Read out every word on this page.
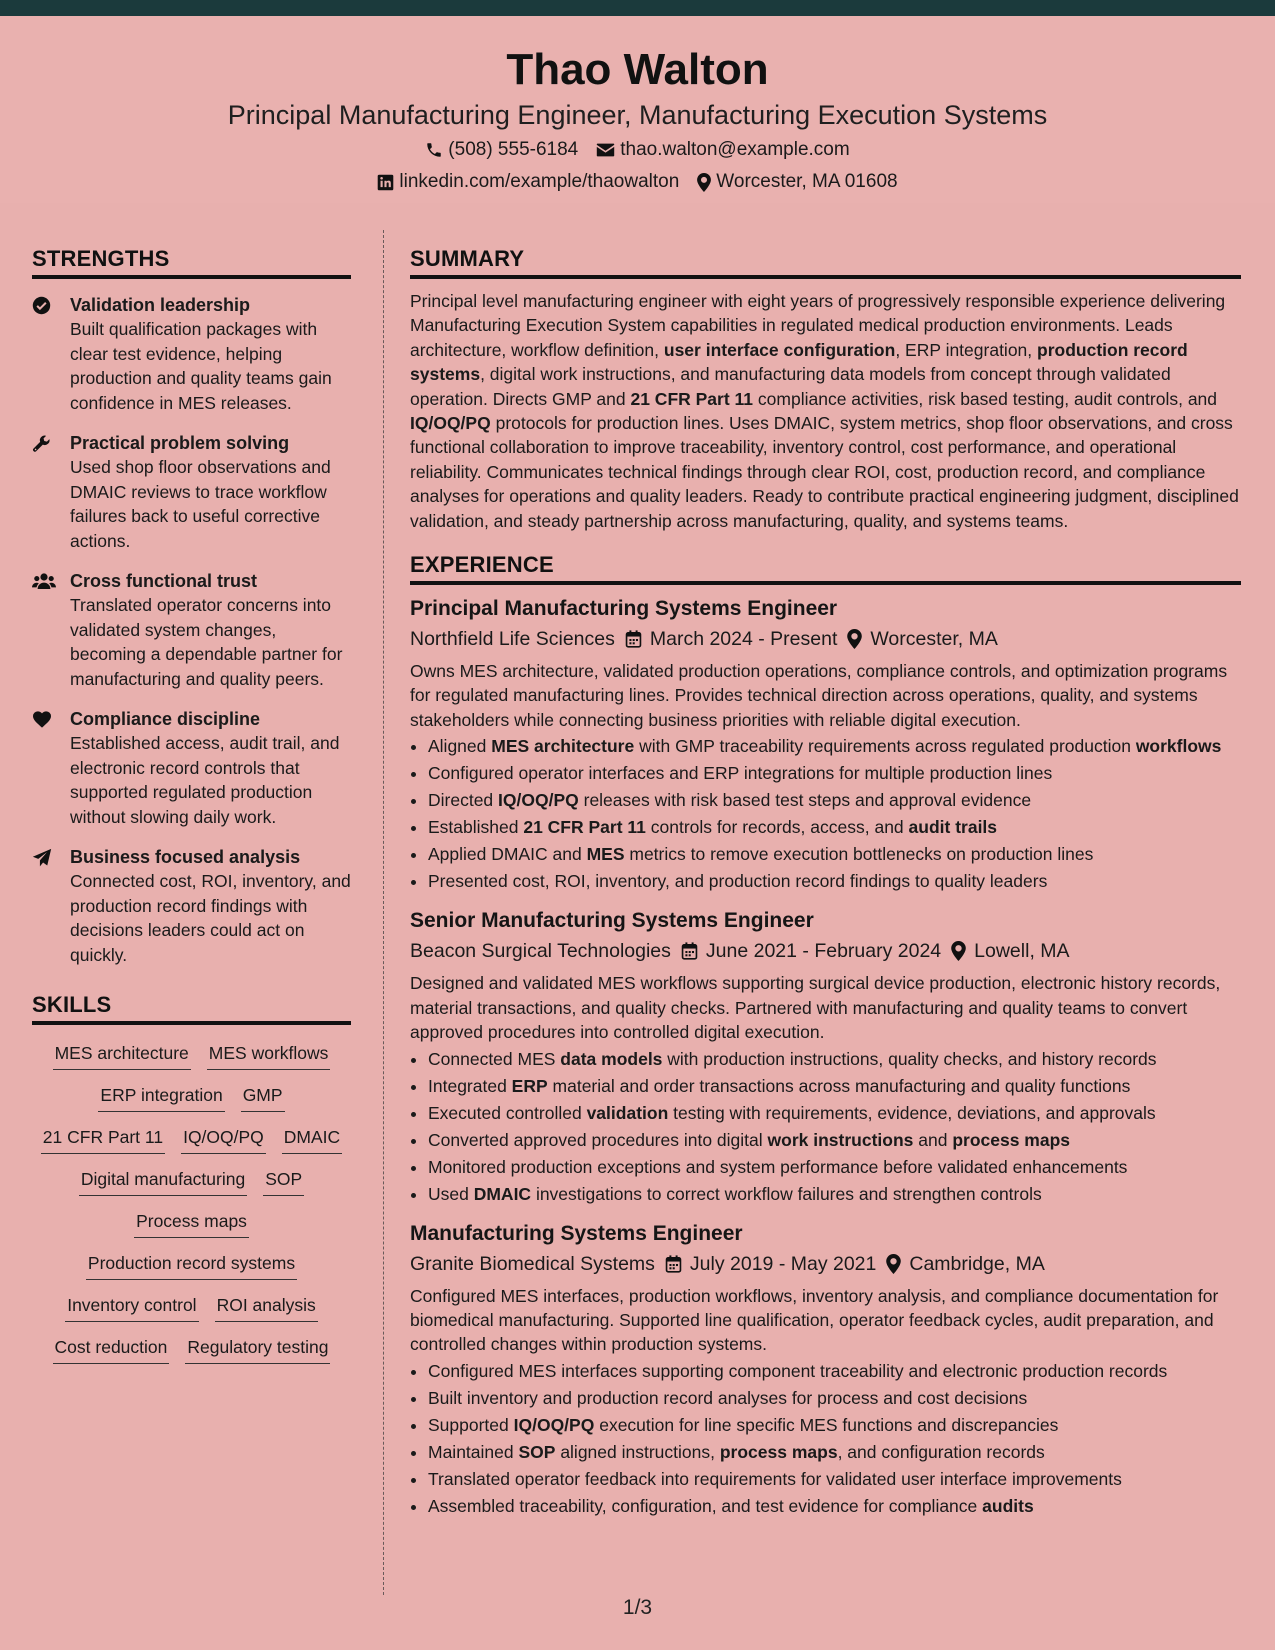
Thao Walton
Principal Manufacturing Engineer, Manufacturing Execution Systems
(508) 555-6184 thao.walton@example.com
linkedin.com/example/thaowalton Worcester, MA 01608
STRENGTHS
Validation leadership
Built qualification packages with clear test evidence, helping production and quality teams gain confidence in MES releases.
Practical problem solving
Used shop floor observations and DMAIC reviews to trace workflow failures back to useful corrective actions.
Cross functional trust
Translated operator concerns into validated system changes, becoming a dependable partner for manufacturing and quality peers.
Compliance discipline
Established access, audit trail, and electronic record controls that supported regulated production without slowing daily work.
Business focused analysis
Connected cost, ROI, inventory, and production record findings with decisions leaders could act on quickly.
SKILLS
MES architecture MES workflows
ERP integration GMP
21 CFR Part 11 IQ/OQ/PQ DMAIC
Digital manufacturing SOP
Process maps
Production record systems
Inventory control ROI analysis
Cost reduction Regulatory testing
SUMMARY

Principal level manufacturing engineer with eight years of progressively responsible experience delivering Manufacturing Execution System capabilities in regulated medical production environments. Leads architecture, workflow definition, user interface configuration, ERP integration, production record systems, digital work instructions, and manufacturing data models from concept through validated operation. Directs GMP and 21 CFR Part 11 compliance activities, risk based testing, audit controls, and IQ/OQ/PQ protocols for production lines. Uses DMAIC, system metrics, shop floor observations, and cross functional collaboration to improve traceability, inventory control, cost performance, and operational reliability. Communicates technical findings through clear ROI, cost, production record, and compliance analyses for operations and quality leaders. Ready to contribute practical engineering judgment, disciplined validation, and steady partnership across manufacturing, quality, and systems teams.

EXPERIENCE
Principal Manufacturing Systems Engineer
Northfield Life Sciences March 2024 - Present Worcester, MA
Owns MES architecture, validated production operations, compliance controls, and optimization programs for regulated manufacturing lines. Provides technical direction across operations, quality, and systems stakeholders while connecting business priorities with reliable digital execution.
• Aligned MES architecture with GMP traceability requirements across regulated production workflows
• Configured operator interfaces and ERP integrations for multiple production lines
• Directed IQ/OQ/PQ releases with risk based test steps and approval evidence
• Established 21 CFR Part 11 controls for records, access, and audit trails
• Applied DMAIC and MES metrics to remove execution bottlenecks on production lines
• Presented cost, ROI, inventory, and production record findings to quality leaders
Senior Manufacturing Systems Engineer
Beacon Surgical Technologies June 2021 - February 2024 Lowell, MA
Designed and validated MES workflows supporting surgical device production, electronic history records, material transactions, and quality checks. Partnered with manufacturing and quality teams to convert approved procedures into controlled digital execution.
• Connected MES data models with production instructions, quality checks, and history records
• Integrated ERP material and order transactions across manufacturing and quality functions
• Executed controlled validation testing with requirements, evidence, deviations, and approvals
• Converted approved procedures into digital work instructions and process maps
• Monitored production exceptions and system performance before validated enhancements
• Used DMAIC investigations to correct workflow failures and strengthen controls
Manufacturing Systems Engineer
Granite Biomedical Systems July 2019 - May 2021 Cambridge, MA
Configured MES interfaces, production workflows, inventory analysis, and compliance documentation for biomedical manufacturing. Supported line qualification, operator feedback cycles, audit preparation, and controlled changes within production systems.
• Configured MES interfaces supporting component traceability and electronic production records
• Built inventory and production record analyses for process and cost decisions
• Supported IQ/OQ/PQ execution for line specific MES functions and discrepancies
• Maintained SOP aligned instructions, process maps, and configuration records
• Translated operator feedback into requirements for validated user interface improvements
• Assembled traceability, configuration, and test evidence for compliance audits
1/3
